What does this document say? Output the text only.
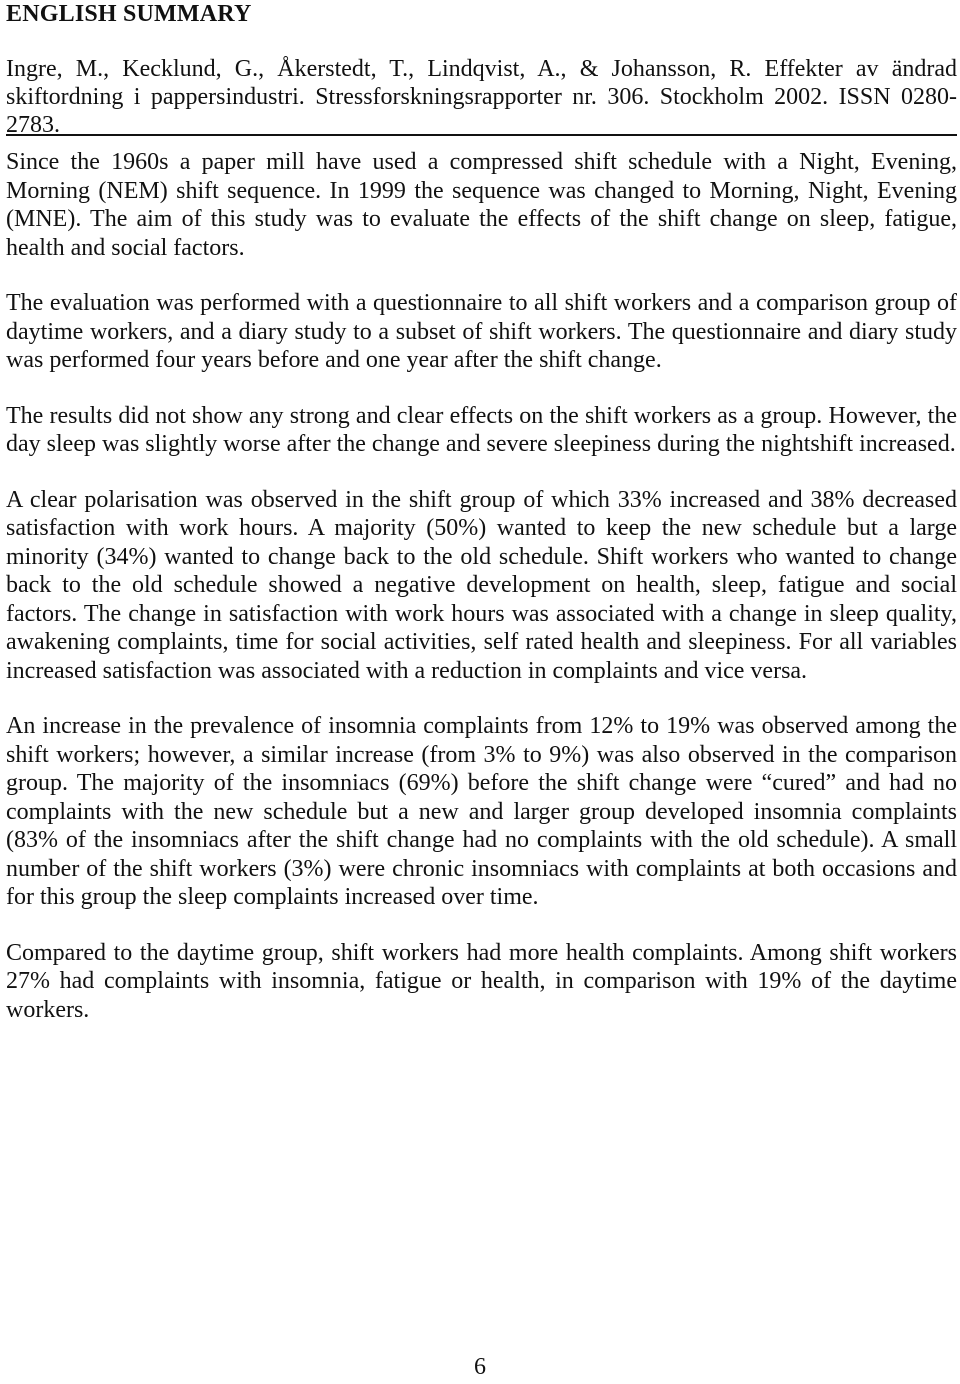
ENGLISH SUMMARY

Ingre, M., Kecklund, G., Åkerstedt, T., Lindqvist, A., & Johansson, R. Effekter av ändrad skiftordning i pappersindustri. Stressforskningsrapporter nr. 306. Stockholm 2002. ISSN 0280-2783.

Since the 1960s a paper mill have used a compressed shift schedule with a Night, Evening, Morning (NEM) shift sequence. In 1999 the sequence was changed to Morning, Night, Evening (MNE). The aim of this study was to evaluate the effects of the shift change on sleep, fatigue, health and social factors.

The evaluation was performed with a questionnaire to all shift workers and a comparison group of daytime workers, and a diary study to a subset of shift workers. The questionnaire and diary study was performed four years before and one year after the shift change.

The results did not show any strong and clear effects on the shift workers as a group. However, the day sleep was slightly worse after the change and severe sleepiness during the nightshift increased.

A clear polarisation was observed in the shift group of which 33% increased and 38% decreased satisfaction with work hours. A majority (50%) wanted to keep the new schedule but a large minority (34%) wanted to change back to the old schedule. Shift workers who wanted to change back to the old schedule showed a negative development on health, sleep, fatigue and social factors. The change in satisfaction with work hours was associated with a change in sleep quality, awakening complaints, time for social activities, self rated health and sleepiness. For all variables increased satisfaction was associated with a reduction in complaints and vice versa.

An increase in the prevalence of insomnia complaints from 12% to 19% was observed among the shift workers; however, a similar increase (from 3% to 9%) was also observed in the comparison group. The majority of the insomniacs (69%) before the shift change were “cured” and had no complaints with the new schedule but a new and larger group developed insomnia complaints (83% of the insomniacs after the shift change had no complaints with the old schedule). A small number of the shift workers (3%) were chronic insomniacs with complaints at both occasions and for this group the sleep complaints increased over time.

Compared to the daytime group, shift workers had more health complaints. Among shift workers 27% had complaints with insomnia, fatigue or health, in comparison with 19% of the daytime workers.

6
